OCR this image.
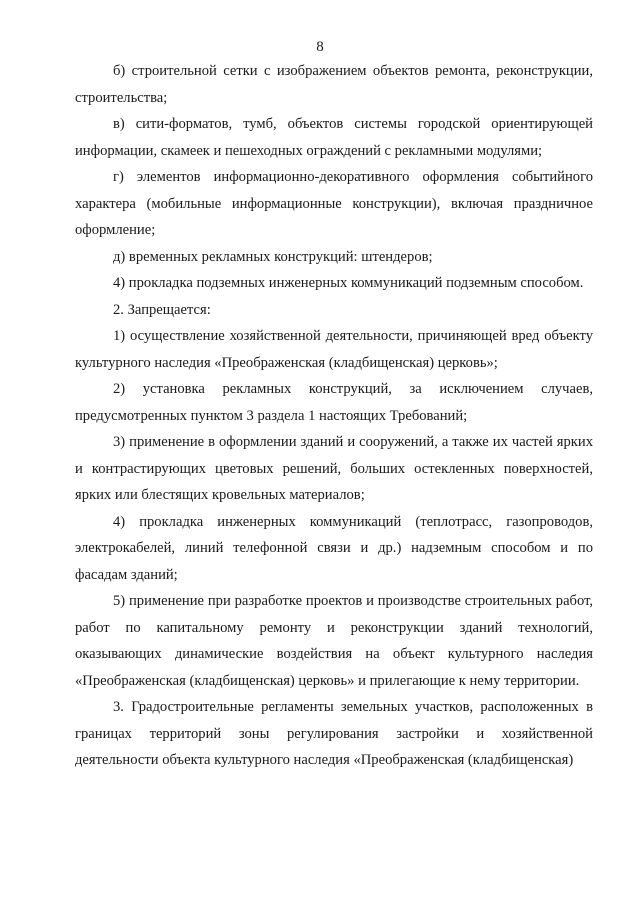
8

б) строительной сетки с изображением объектов ремонта, реконструкции, строительства;

в) сити-форматов, тумб, объектов системы городской ориентирующей информации, скамеек и пешеходных ограждений с рекламными модулями;

г) элементов информационно-декоративного оформления событийного характера (мобильные информационные конструкции), включая праздничное оформление;

д) временных рекламных конструкций: штендеров;

4) прокладка подземных инженерных коммуникаций подземным способом.

2. Запрещается:

1) осуществление хозяйственной деятельности, причиняющей вред объекту культурного наследия «Преображенская (кладбищенская) церковь»;

2) установка рекламных конструкций, за исключением случаев, предусмотренных пунктом 3 раздела 1 настоящих Требований;

3) применение в оформлении зданий и сооружений, а также их частей ярких и контрастирующих цветовых решений, больших остекленных поверхностей, ярких или блестящих кровельных материалов;

4) прокладка инженерных коммуникаций (теплотрасс, газопроводов, электрокабелей, линий телефонной связи и др.) надземным способом и по фасадам зданий;

5) применение при разработке проектов и производстве строительных работ, работ по капитальному ремонту и реконструкции зданий технологий, оказывающих динамические воздействия на объект культурного наследия «Преображенская (кладбищенская) церковь» и прилегающие к нему территории.

3. Градостроительные регламенты земельных участков, расположенных в границах территорий зоны регулирования застройки и хозяйственной деятельности объекта культурного наследия «Преображенская (кладбищенская)
